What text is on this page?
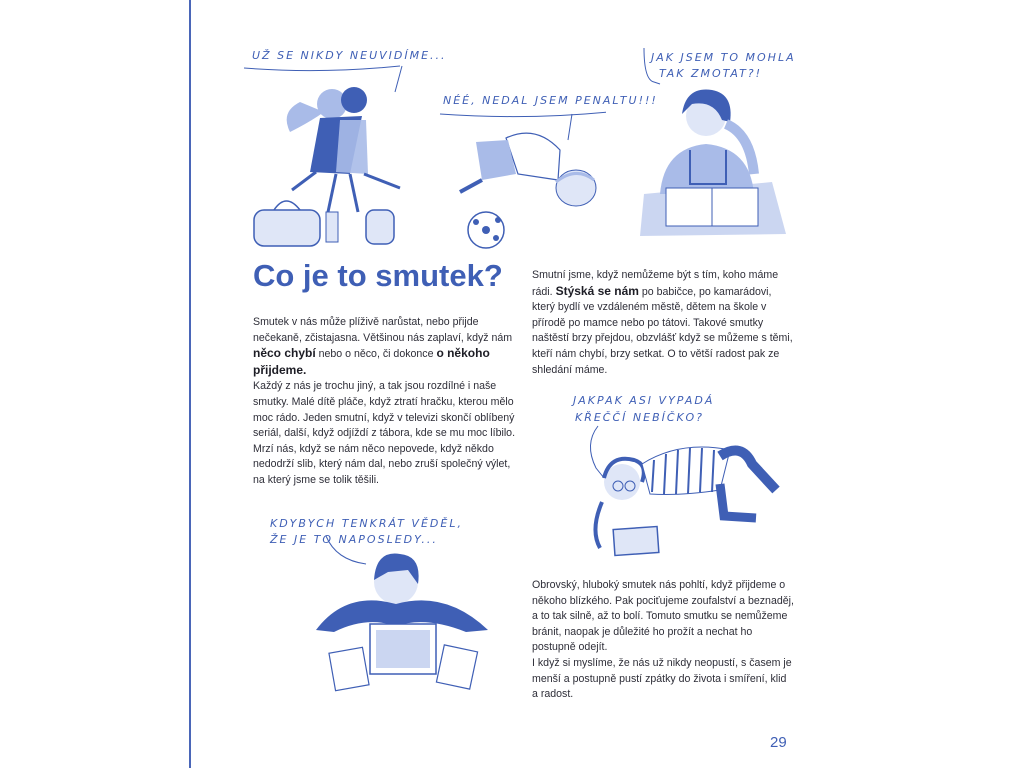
UŽ SE NIKDY NEUVIDÍME...
NÉÉ, NEDAL JSEM PENALTU!!!
JAK JSEM TO MOHLA
TAK ZMOTAT?!
Co je to smutek?

Smutek v nás může plíživě narůstat, nebo přijde nečekaně, zčistajasna. Většinou nás zaplaví, když nám něco chybí nebo o něco, či dokonce o někoho přijdeme.

Každý z nás je trochu jiný, a tak jsou rozdílné i naše smutky. Malé dítě pláče, když ztratí hračku, kterou mělo moc rádo. Jeden smutní, když v televizi skončí oblíbený seriál, další, když odjíždí z tábora, kde se mu moc líbilo. Mrzí nás, když se nám něco nepovede, když někdo nedodrží slib, který nám dal, nebo zruší společný výlet, na který jsme se tolik těšili.

Smutní jsme, když nemůžeme být s tím, koho máme rádi. Stýská se nám po babičce, po kamarádovi, který bydlí ve vzdáleném městě, dětem na škole v přírodě po mamce nebo po tátovi. Takové smutky naštěstí brzy přejdou, obzvlášť když se můžeme s těmi, kteří nám chybí, brzy setkat. O to větší radost pak ze shledání máme.

JAKPAK ASI VYPADÁ
KŘEČČÍ NEBÍČKO?
KDYBYCH TENKRÁT VĚDĚL,
ŽE JE TO NAPOSLEDY...

Obrovský, hluboký smutek nás pohltí, když přijdeme o někoho blízkého. Pak pociťujeme zoufalství a beznaděj, a to tak silně, až to bolí. Tomuto smutku se nemůžeme bránit, naopak je důležité ho prožít a nechat ho postupně odejít.

I když si myslíme, že nás už nikdy neopustí, s časem je menší a postupně pustí zpátky do života i smíření, klid a radost.

29
